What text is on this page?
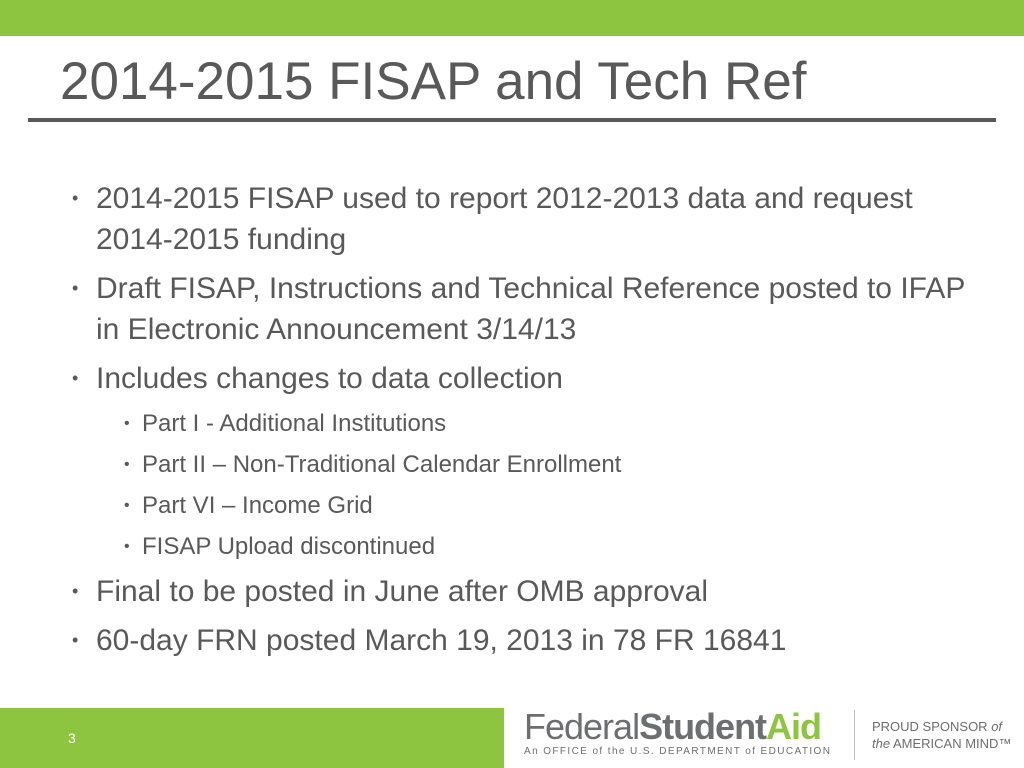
2014-2015 FISAP and Tech Ref
• 2014-2015 FISAP used to report 2012-2013 data and request 2014-2015 funding
• Draft FISAP, Instructions and Technical Reference posted to IFAP in Electronic Announcement 3/14/13
• Includes changes to data collection
• Part I - Additional Institutions
• Part II – Non-Traditional Calendar Enrollment
• Part VI – Income Grid
• FISAP Upload discontinued
• Final to be posted in June after OMB approval
• 60-day FRN posted March 19, 2013 in 78 FR 16841
3	FederalStudentAid
An OFFICE of the U.S. DEPARTMENT of EDUCATION
PROUD SPONSOR of
the AMERICAN MIND™
